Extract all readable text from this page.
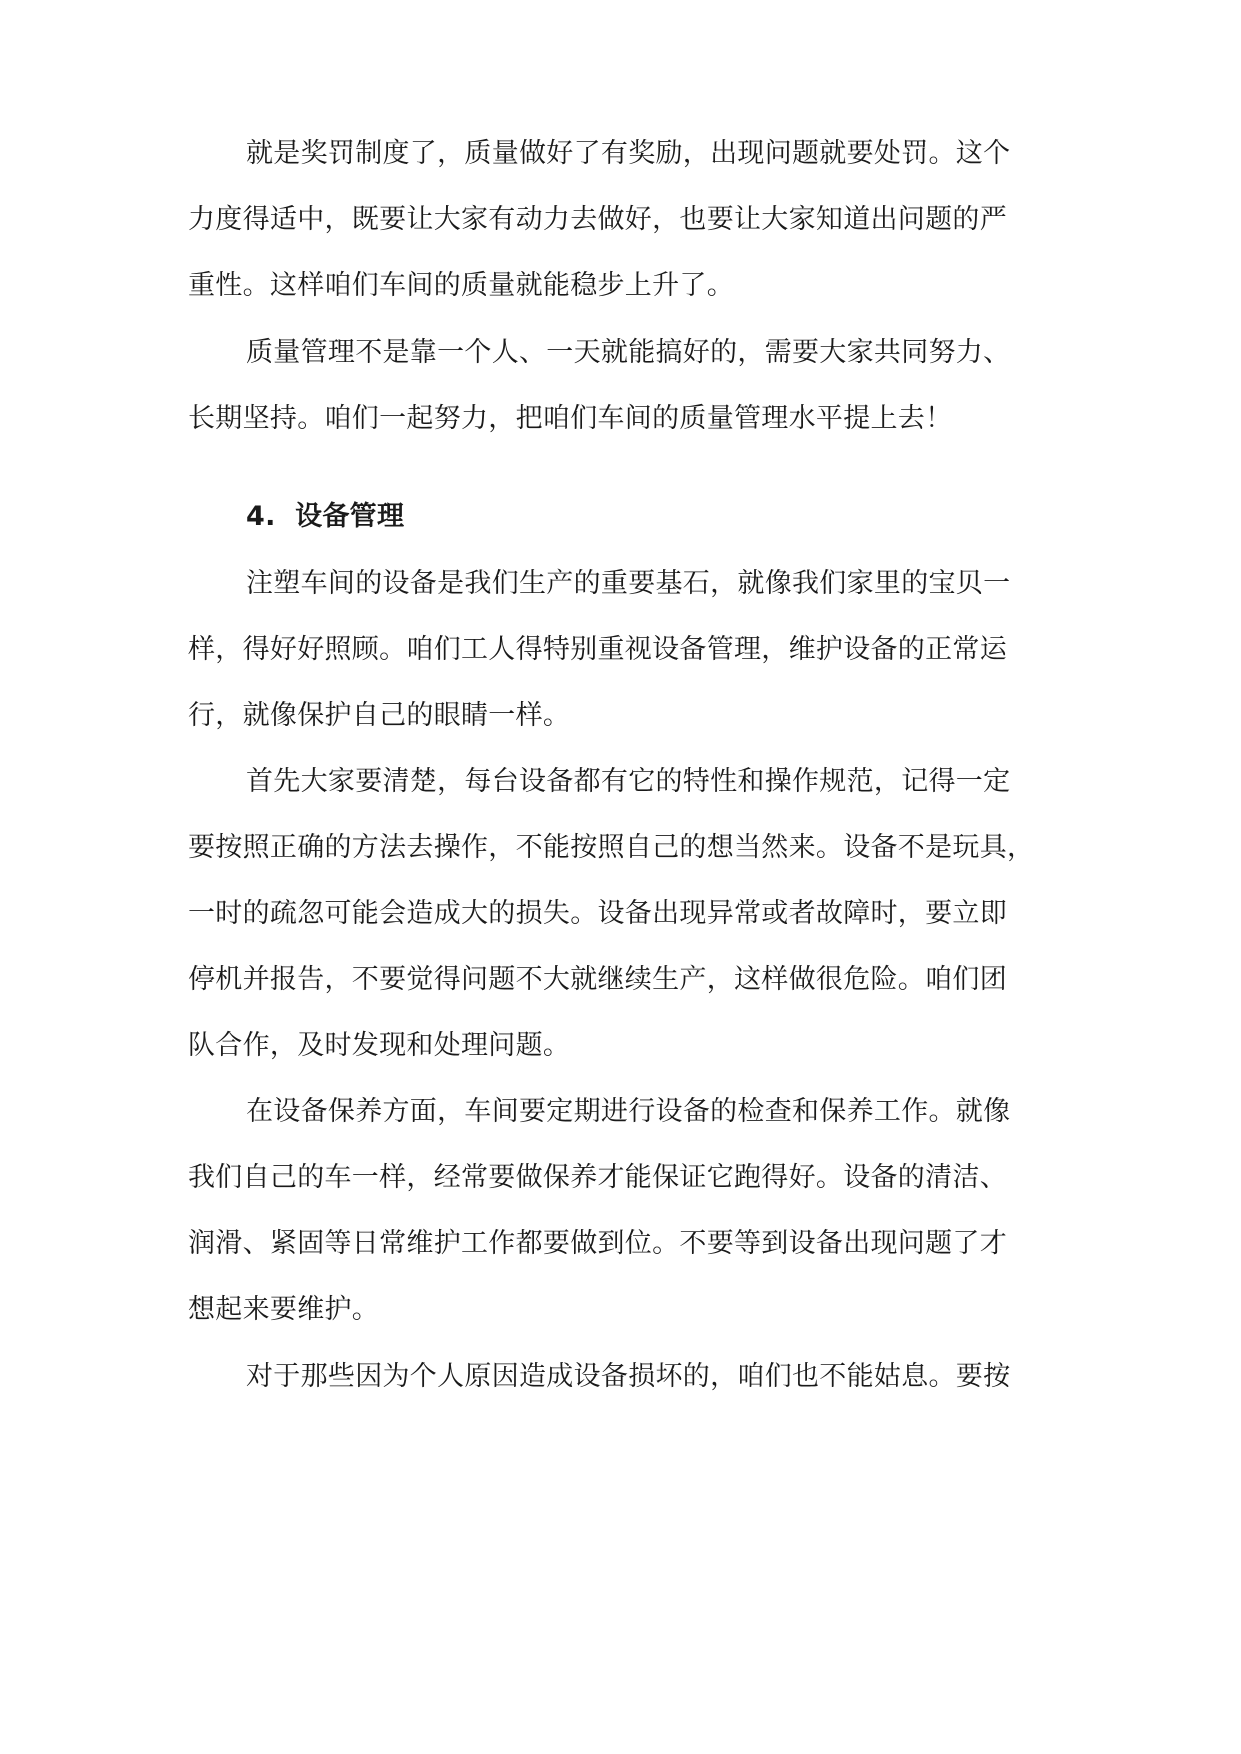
就是奖罚制度了，质量做好了有奖励，出现问题就要处罚。这个
力度得适中，既要让大家有动力去做好，也要让大家知道出问题的严
重性。这样咱们车间的质量就能稳步上升了。
质量管理不是靠一个人、一天就能搞好的，需要大家共同努力、
长期坚持。咱们一起努力，把咱们车间的质量管理水平提上去！
4. 设备管理
注塑车间的设备是我们生产的重要基石，就像我们家里的宝贝一
样，得好好照顾。咱们工人得特别重视设备管理，维护设备的正常运
行，就像保护自己的眼睛一样。
首先大家要清楚，每台设备都有它的特性和操作规范，记得一定
要按照正确的方法去操作，不能按照自己的想当然来。设备不是玩具，
一时的疏忽可能会造成大的损失。设备出现异常或者故障时，要立即
停机并报告，不要觉得问题不大就继续生产，这样做很危险。咱们团
队合作，及时发现和处理问题。
在设备保养方面，车间要定期进行设备的检查和保养工作。就像
我们自己的车一样，经常要做保养才能保证它跑得好。设备的清洁、
润滑、紧固等日常维护工作都要做到位。不要等到设备出现问题了才
想起来要维护。
对于那些因为个人原因造成设备损坏的，咱们也不能姑息。要按
